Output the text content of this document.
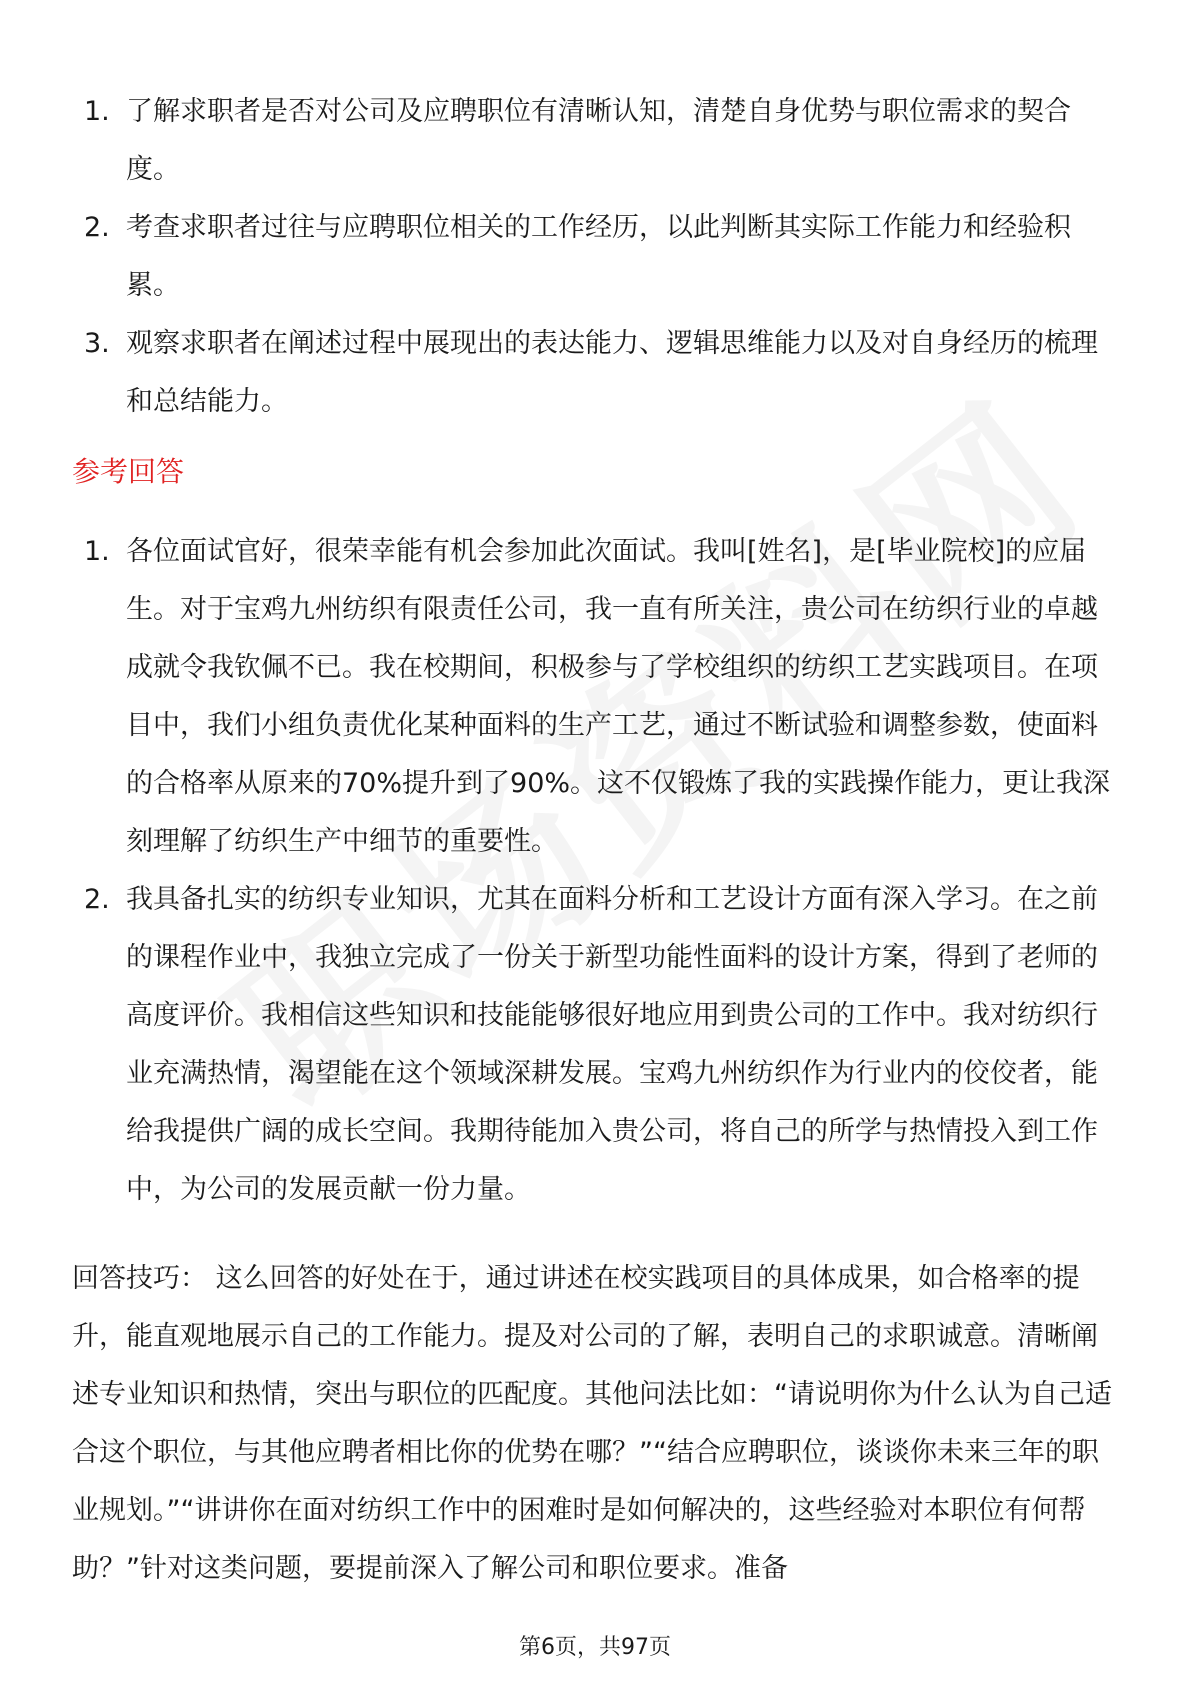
1. 了解求职者是否对公司及应聘职位有清晰认知，清楚自身优势与职位需求的契合度。
2. 考查求职者过往与应聘职位相关的工作经历，以此判断其实际工作能力和经验积累。
3. 观察求职者在阐述过程中展现出的表达能力、逻辑思维能力以及对自身经历的梳理和总结能力。
参考回答
1. 各位面试官好，很荣幸能有机会参加此次面试。我叫[姓名]，是[毕业院校]的应届生。对于宝鸡九州纺织有限责任公司，我一直有所关注，贵公司在纺织行业的卓越成就令我钦佩不已。我在校期间，积极参与了学校组织的纺织工艺实践项目。在项目中，我们小组负责优化某种面料的生产工艺，通过不断试验和调整参数，使面料的合格率从原来的70%提升到了90%。这不仅锻炼了我的实践操作能力，更让我深刻理解了纺织生产中细节的重要性。
2. 我具备扎实的纺织专业知识，尤其在面料分析和工艺设计方面有深入学习。在之前的课程作业中，我独立完成了一份关于新型功能性面料的设计方案，得到了老师的高度评价。我相信这些知识和技能能够很好地应用到贵公司的工作中。我对纺织行业充满热情，渴望能在这个领域深耕发展。宝鸡九州纺织作为行业内的佼佼者，能给我提供广阔的成长空间。我期待能加入贵公司，将自己的所学与热情投入到工作中，为公司的发展贡献一份力量。

回答技巧： 这么回答的好处在于，通过讲述在校实践项目的具体成果，如合格率的提升，能直观地展示自己的工作能力。提及对公司的了解，表明自己的求职诚意。清晰阐述专业知识和热情，突出与职位的匹配度。其他问法比如：“请说明你为什么认为自己适合这个职位，与其他应聘者相比你的优势在哪？”“结合应聘职位，谈谈你未来三年的职业规划。”“讲讲你在面对纺织工作中的困难时是如何解决的，这些经验对本职位有何帮助？”针对这类问题，要提前深入了解公司和职位要求。准备

第6页，共97页
